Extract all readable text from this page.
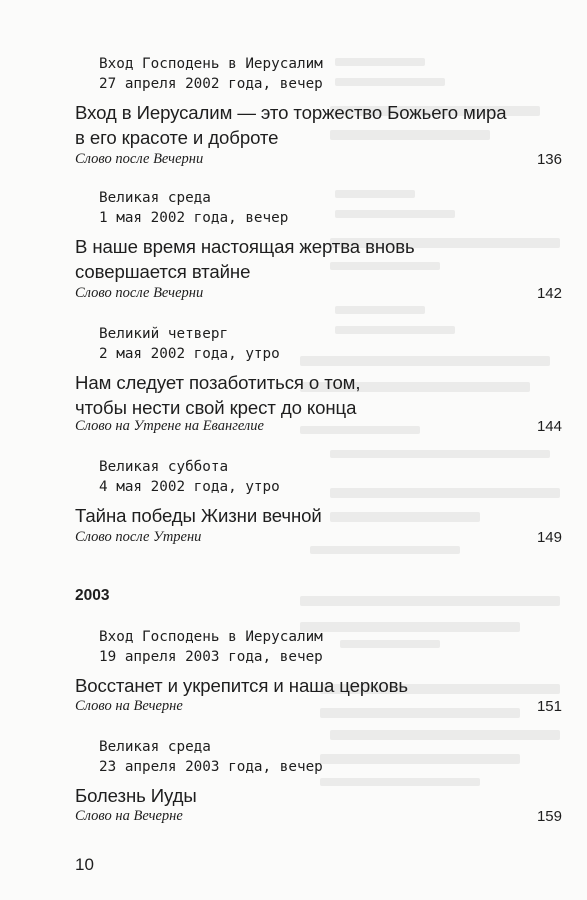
Вход Господень в Иерусалим
27 апреля 2002 года, вечер
Вход в Иерусалим — это торжество Божьего мира
в его красоте и доброте
Слово после Вечерни	136
Великая среда
1 мая 2002 года, вечер
В наше время настоящая жертва вновь
совершается втайне
Слово после Вечерни	142
Великий четверг
2 мая 2002 года, утро
Нам следует позаботиться о том,
чтобы нести свой крест до конца
Слово на Утрене на Евангелие	144
Великая суббота
4 мая 2002 года, утро
Тайна победы Жизни вечной
Слово после Утрени	149
2003
Вход Господень в Иерусалим
19 апреля 2003 года, вечер
Восстанет и укрепится и наша церковь
Слово на Вечерне	151
Великая среда
23 апреля 2003 года, вечер
Болезнь Иуды
Слово на Вечерне	159
10
